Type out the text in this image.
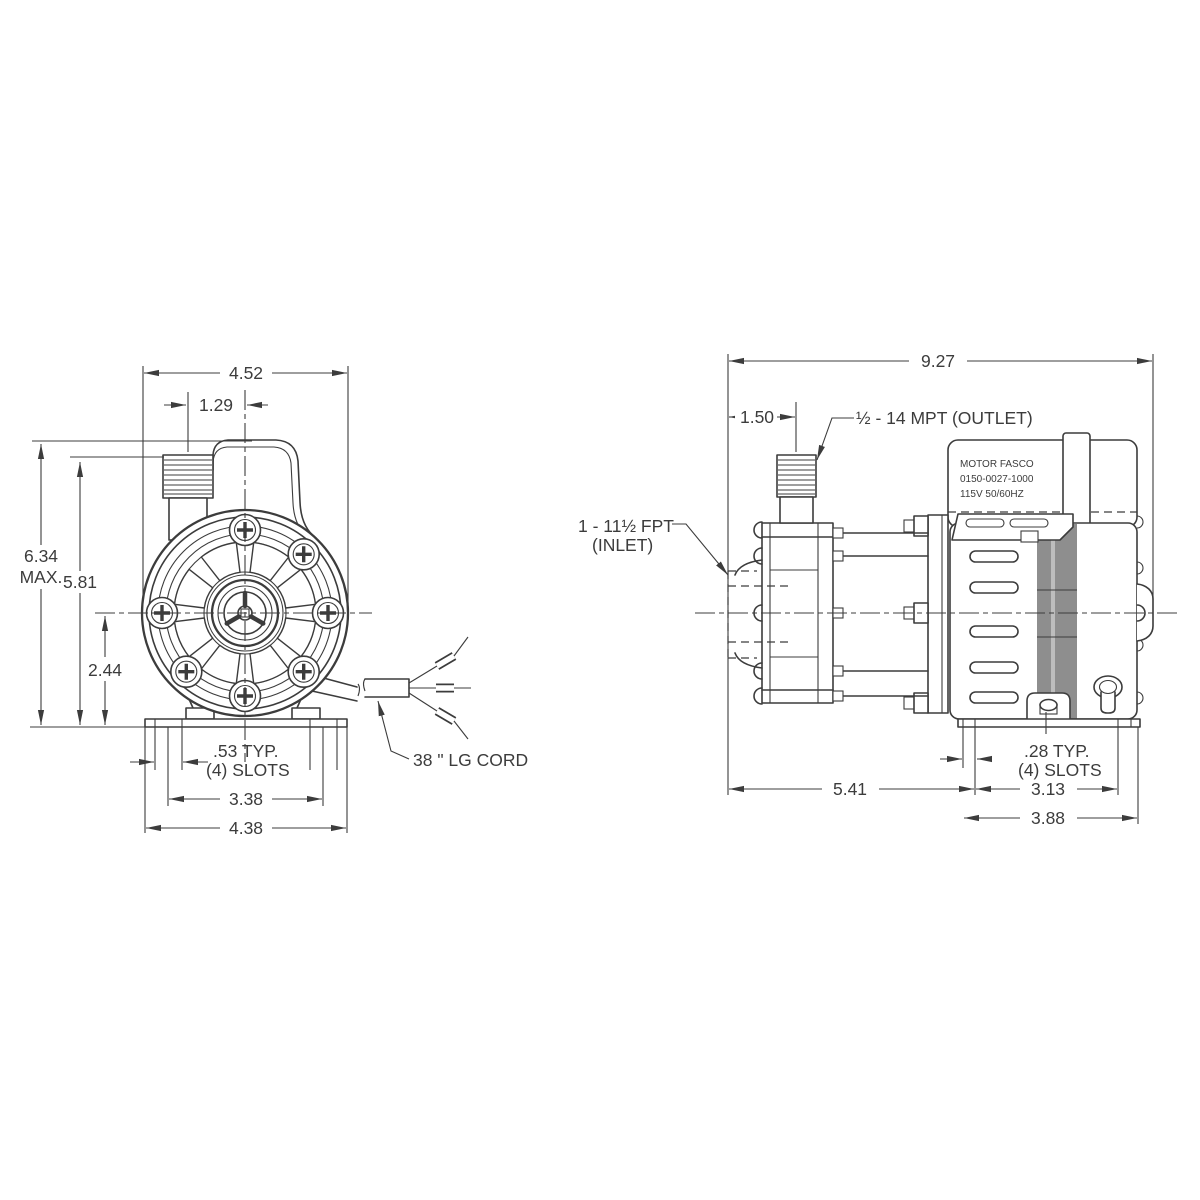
4.52
1.29
6.34
MAX. 5.81
2.44
.53 TYP.
(4) SLOTS
3.38
4.38
38 " LG CORD
9.27
1.50	½ - 14 MPT (OUTLET)
1 - 11½ FPT
(INLET)
5.41
.28 TYP.
(4) SLOTS
3.13
3.88
MOTOR FASCO
0150-0027-1000
115V 50/60HZ
